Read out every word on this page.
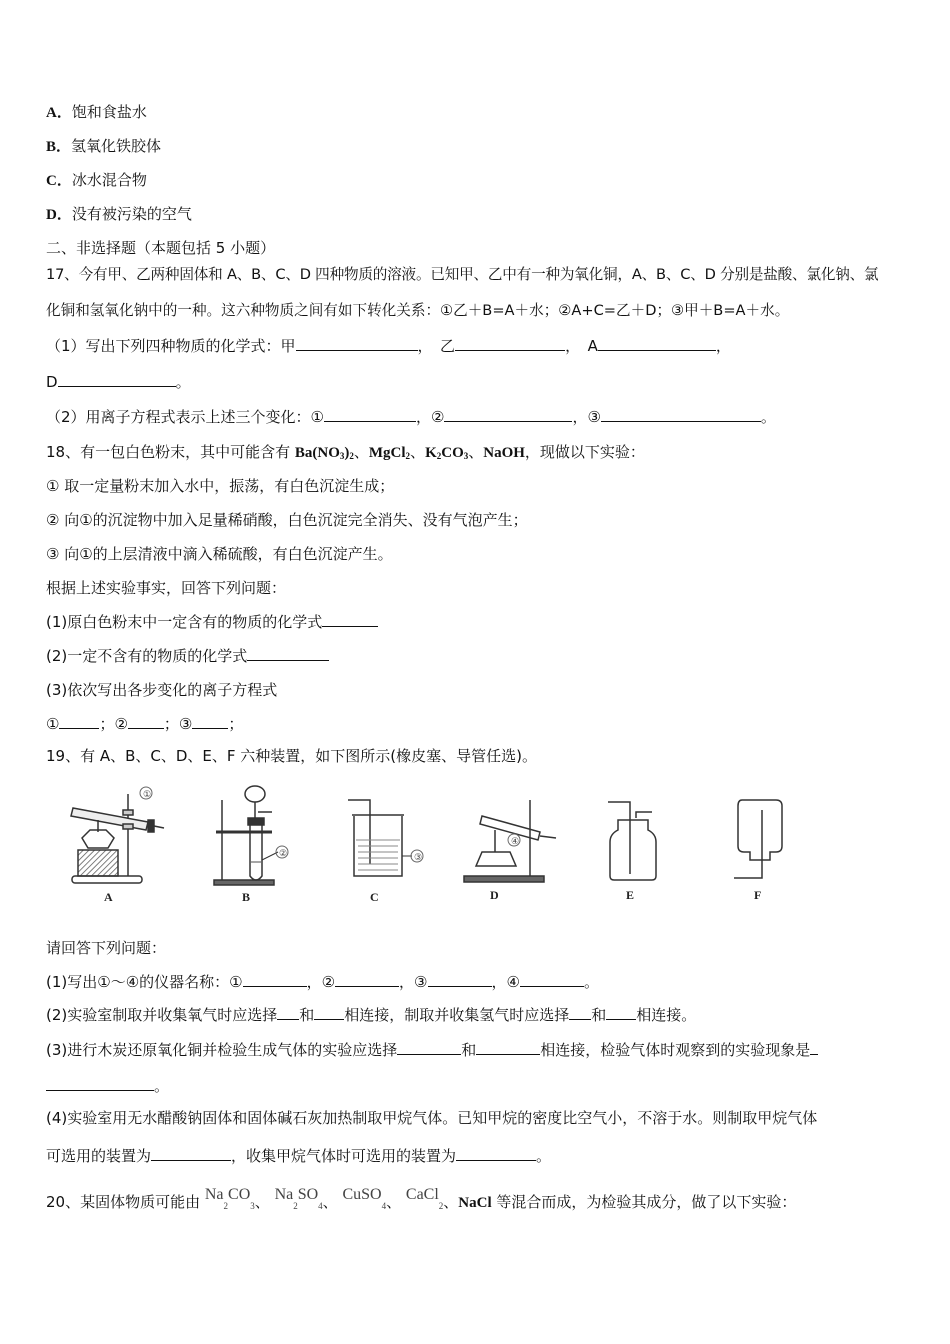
A．饱和食盐水
B．氢氧化铁胶体
C．冰水混合物
D．没有被污染的空气
二、非选择题（本题包括 5 小题）
17、今有甲、乙两种固体和 A、B、C、D 四种物质的溶液。已知甲、乙中有一种为氧化铜，A、B、C、D 分别是盐酸、氯化钠、氯
化铜和氢氧化钠中的一种。这六种物质之间有如下转化关系：①乙＋B=A＋水；②A+C=乙＋D；③甲＋B=A＋水。
（1）写出下列四种物质的化学式：甲	，　乙	，　A	，
D	。
（2）用离子方程式表示上述三个变化：①	，②	，③	。
18、有一包白色粉末，其中可能含有 $Ba(NO_3)_2$、MgCl$_2$、$K_2CO_3$、NaOH，现做以下实验：
① 取一定量粉末加入水中，振荡，有白色沉淀生成；
② 向①的沉淀物中加入足量稀硝酸，白色沉淀完全消失、没有气泡产生；
③ 向①的上层清液中滴入稀硫酸，有白色沉淀产生。
根据上述实验事实，回答下列问题：
(1)原白色粉末中一定含有的物质的化学式
(2)一定不含有的物质的化学式
(3)依次写出各步变化的离子方程式
①	；② ；③ ；
19、有 A、B、C、D、E、F 六种装置，如下图所示(橡皮塞、导管任选)。
①
A
②
B
③
C
④
D	E	F
请回答下列问题：
(1)写出①～④的仪器名称：①	，②	，③	，④	。
(2)实验室制取并收集氧气时应选择 和 相连接，制取并收集氢气时应选择 和 相连接。
(3)进行木炭还原氧化铜并检验生成气体的实验应选择	和	相连接，检验气体时观察到的实验现象是
。
(4)实验室用无水醋酸钠固体和固体碱石灰加热制取甲烷气体。已知甲烷的密度比空气小，不溶于水。则制取甲烷气体
可选用的装置为	，收集甲烷气体时可选用的装置为	。
20、某固体物质可能由 $Na_2CO_3$、 $Na_2SO_4$、 CuSO$_4$、 CaCl$_2$、NaCl 等混合而成，为检验其成分，做了以下实验：
